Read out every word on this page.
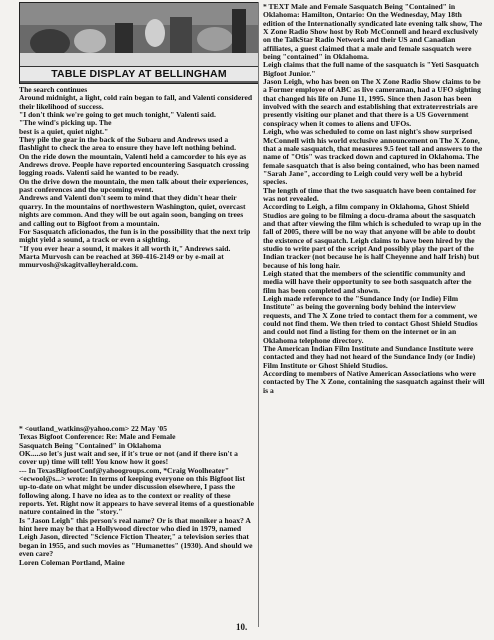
TABLE DISPLAY AT BELLINGHAM

The search continues
Around midnight, a light, cold rain began to fall, and Valenti considered their likelihood of success.
"I don't think we're going to get much tonight," Valenti said.
"The wind's picking up. The
best is a quiet, quiet night."
They pile the gear in the back of the Subaru and Andrews used a flashlight to check the area to ensure they have left nothing behind.
On the ride down the mountain, Valenti held a camcorder to his eye as Andrews drove. People have reported encountering Sasquatch crossing logging roads. Valenti said he wanted to be ready.
On the drive down the mountain, the men talk about their experiences, past conferences and the upcoming event.
Andrews and Valenti don't seem to mind that they didn't hear their quarry. In the mountains of northwestern Washington, quiet, overcast nights are common. And they will be out again soon, banging on trees and calling out to Bigfoot from a mountain.
For Sasquatch aficionados, the fun is in the possibility that the next trip might yield a sound, a track or even a sighting.
"If you ever hear a sound, it makes it all worth it," Andrews said.
Marta Murvosh can be reached at 360-416-2149 or by e-mail at mmurvosh@skagitvalleyherald.com.

* <outland_watkins@yahoo.com> 22 May '05
Texas Bigfoot Conference: Re: Male and Female
Sasquatch Being "Contained" in Oklahoma
OK.....so let's just wait and see, if it's true or not (and if there isn't a cover up) time will tell! You know how it goes!
--- In TexasBigfootConf@yahoogroups.com, *Craig Woolheater"
<ecwool@s...> wrote: In terms of keeping everyone on this Bigfoot list up-to-date on what might be under discussion elsewhere, I pass the following along. I have no idea as to the context or reality of these reports. Yet. Right now it appears to have several items of a questionable nature contained in the "story."
Is "Jason Leigh" this person's real name? Or is that moniker a hoax? A hint here may be that a Hollywood director who died in 1979, named Leigh Jason, directed "Science Fiction Theater," a television series that began in 1955, and such movies as "Humanettes" (1930). And should we even care?
Loren Coleman Portland, Maine

* TEXT Male and Female Sasquatch Being "Contained" in Oklahoma: Hamilton, Ontario: On the Wednesday, May 18th edition of the Internationally syndicated late evening talk show, The X Zone Radio Show host by Rob McConnell and heard exclusively on the TalkStar Radio Network and their US and Canadian affiliates, a guest claimed that a male and female sasquatch were being "contained" in Oklahoma.
Leigh claims that the full name of the sasquatch is "Yeti Sasquatch
Bigfoot Junior."
Jason Leigh, who has been on The X Zone Radio Show claims to be a Former employee of ABC as live cameraman, had a UFO sighting that changed his life on June 11, 1995. Since then Jason has been involved with the search and establishing that extraterrestrials are presently visiting our planet and that there is a US Government conspiracy when it comes to aliens and UFOs.
Leigh, who was scheduled to come on last night's show surprised McConnell with his world exclusive announcement on The X Zone, that a male sasquatch, that measures 9.5 feet tall and answers to the name of "Otis" was tracked down and captured in Oklahoma. The female sasquatch that is also being contained, who has been named "Sarah Jane", according to Leigh could very well be a hybrid species.
The length of time that the two sasquatch have been contained for was not revealed.
According to Leigh, a film company in Oklahoma, Ghost Shield Studios are going to be filming a docu-drama about the sasquatch and that after viewing the film which is scheduled to wrap up in the fall of 2005, there will be no way that anyone will be able to doubt the existence of sasquatch. Leigh claims to have been hired by the studio to write part of the script And possibly play the part of the Indian tracker (not because he is half Cheyenne and half Irish) but because of his long hair.
Leigh stated that the members of the scientific community and media will have their opportunity to see both sasquatch after the film has been completed and shown.
Leigh made reference to the "Sundance Indy (or Indie) Film Institute" as being the governing body behind the interview requests, and The X Zone tried to contact them for a comment, we could not find them. We then tried to contact Ghost Shield Studios and could not find a listing for them on the internet or in an Oklahoma telephone directory.
The American Indian Film Institute and Sundance Institute were contacted and they had not heard of the Sundance Indy (or Indie) Film Institute or Ghost Shield Studios.
According to members of Native American Associations who were contacted by The X Zone, containing the sasquatch against their will is a

10.
